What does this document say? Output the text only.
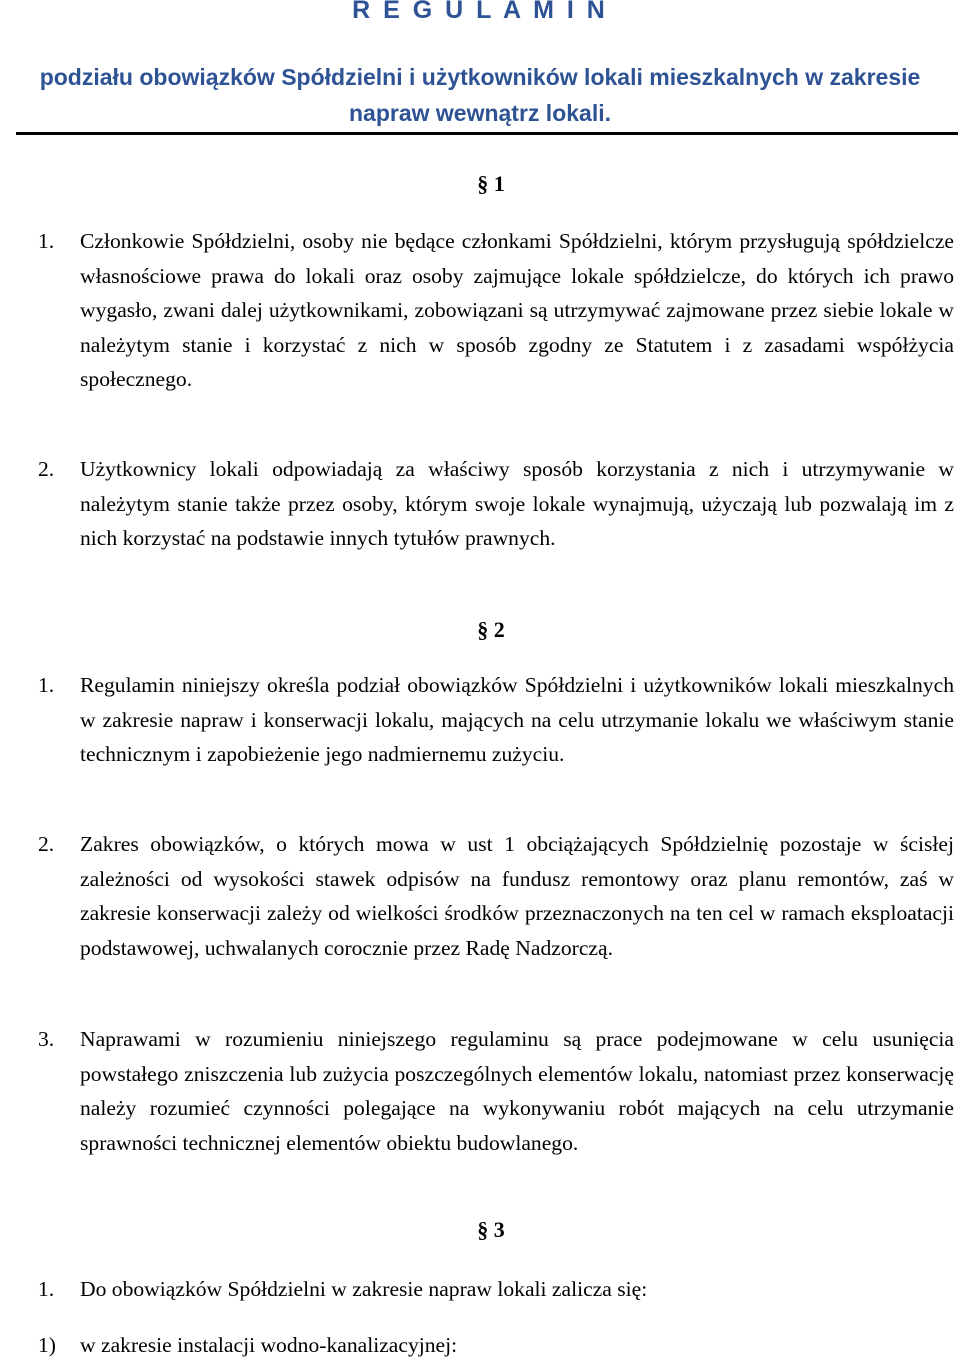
R E G U L A M I N
podziału obowiązków Spółdzielni i użytkowników lokali mieszkalnych w zakresie napraw wewnątrz lokali.
§ 1
1. Członkowie Spółdzielni, osoby nie będące członkami Spółdzielni, którym przysługują spółdzielcze własnościowe prawa do lokali oraz osoby zajmujące lokale spółdzielcze, do których ich prawo wygasło, zwani dalej użytkownikami, zobowiązani są utrzymywać zajmowane przez siebie lokale w należytym stanie i korzystać z nich w sposób zgodny ze Statutem i z zasadami współżycia społecznego.
2. Użytkownicy lokali odpowiadają za właściwy sposób korzystania z nich i utrzymywanie w należytym stanie także przez osoby, którym swoje lokale wynajmują, użyczają lub pozwalają im z nich korzystać na podstawie innych tytułów prawnych.
§ 2
1. Regulamin niniejszy określa podział obowiązków Spółdzielni i użytkowników lokali mieszkalnych w zakresie napraw i konserwacji lokalu, mających na celu utrzymanie lokalu we właściwym stanie technicznym i zapobieżenie jego nadmiernemu zużyciu.
2. Zakres obowiązków, o których mowa w ust 1 obciążających Spółdzielnię pozostaje w ścisłej zależności od wysokości stawek odpisów na fundusz remontowy oraz planu remontów, zaś w zakresie konserwacji zależy od wielkości środków przeznaczonych na ten cel w ramach eksploatacji podstawowej, uchwalanych corocznie przez Radę Nadzorczą.
3. Naprawami w rozumieniu niniejszego regulaminu są prace podejmowane w celu usunięcia powstałego zniszczenia lub zużycia poszczególnych elementów lokalu, natomiast przez konserwację należy rozumieć czynności polegające na wykonywaniu robót mających na celu utrzymanie sprawności technicznej elementów obiektu budowlanego.
§ 3
1. Do obowiązków Spółdzielni w zakresie napraw lokali zalicza się:
1) w zakresie instalacji wodno-kanalizacyjnej:
